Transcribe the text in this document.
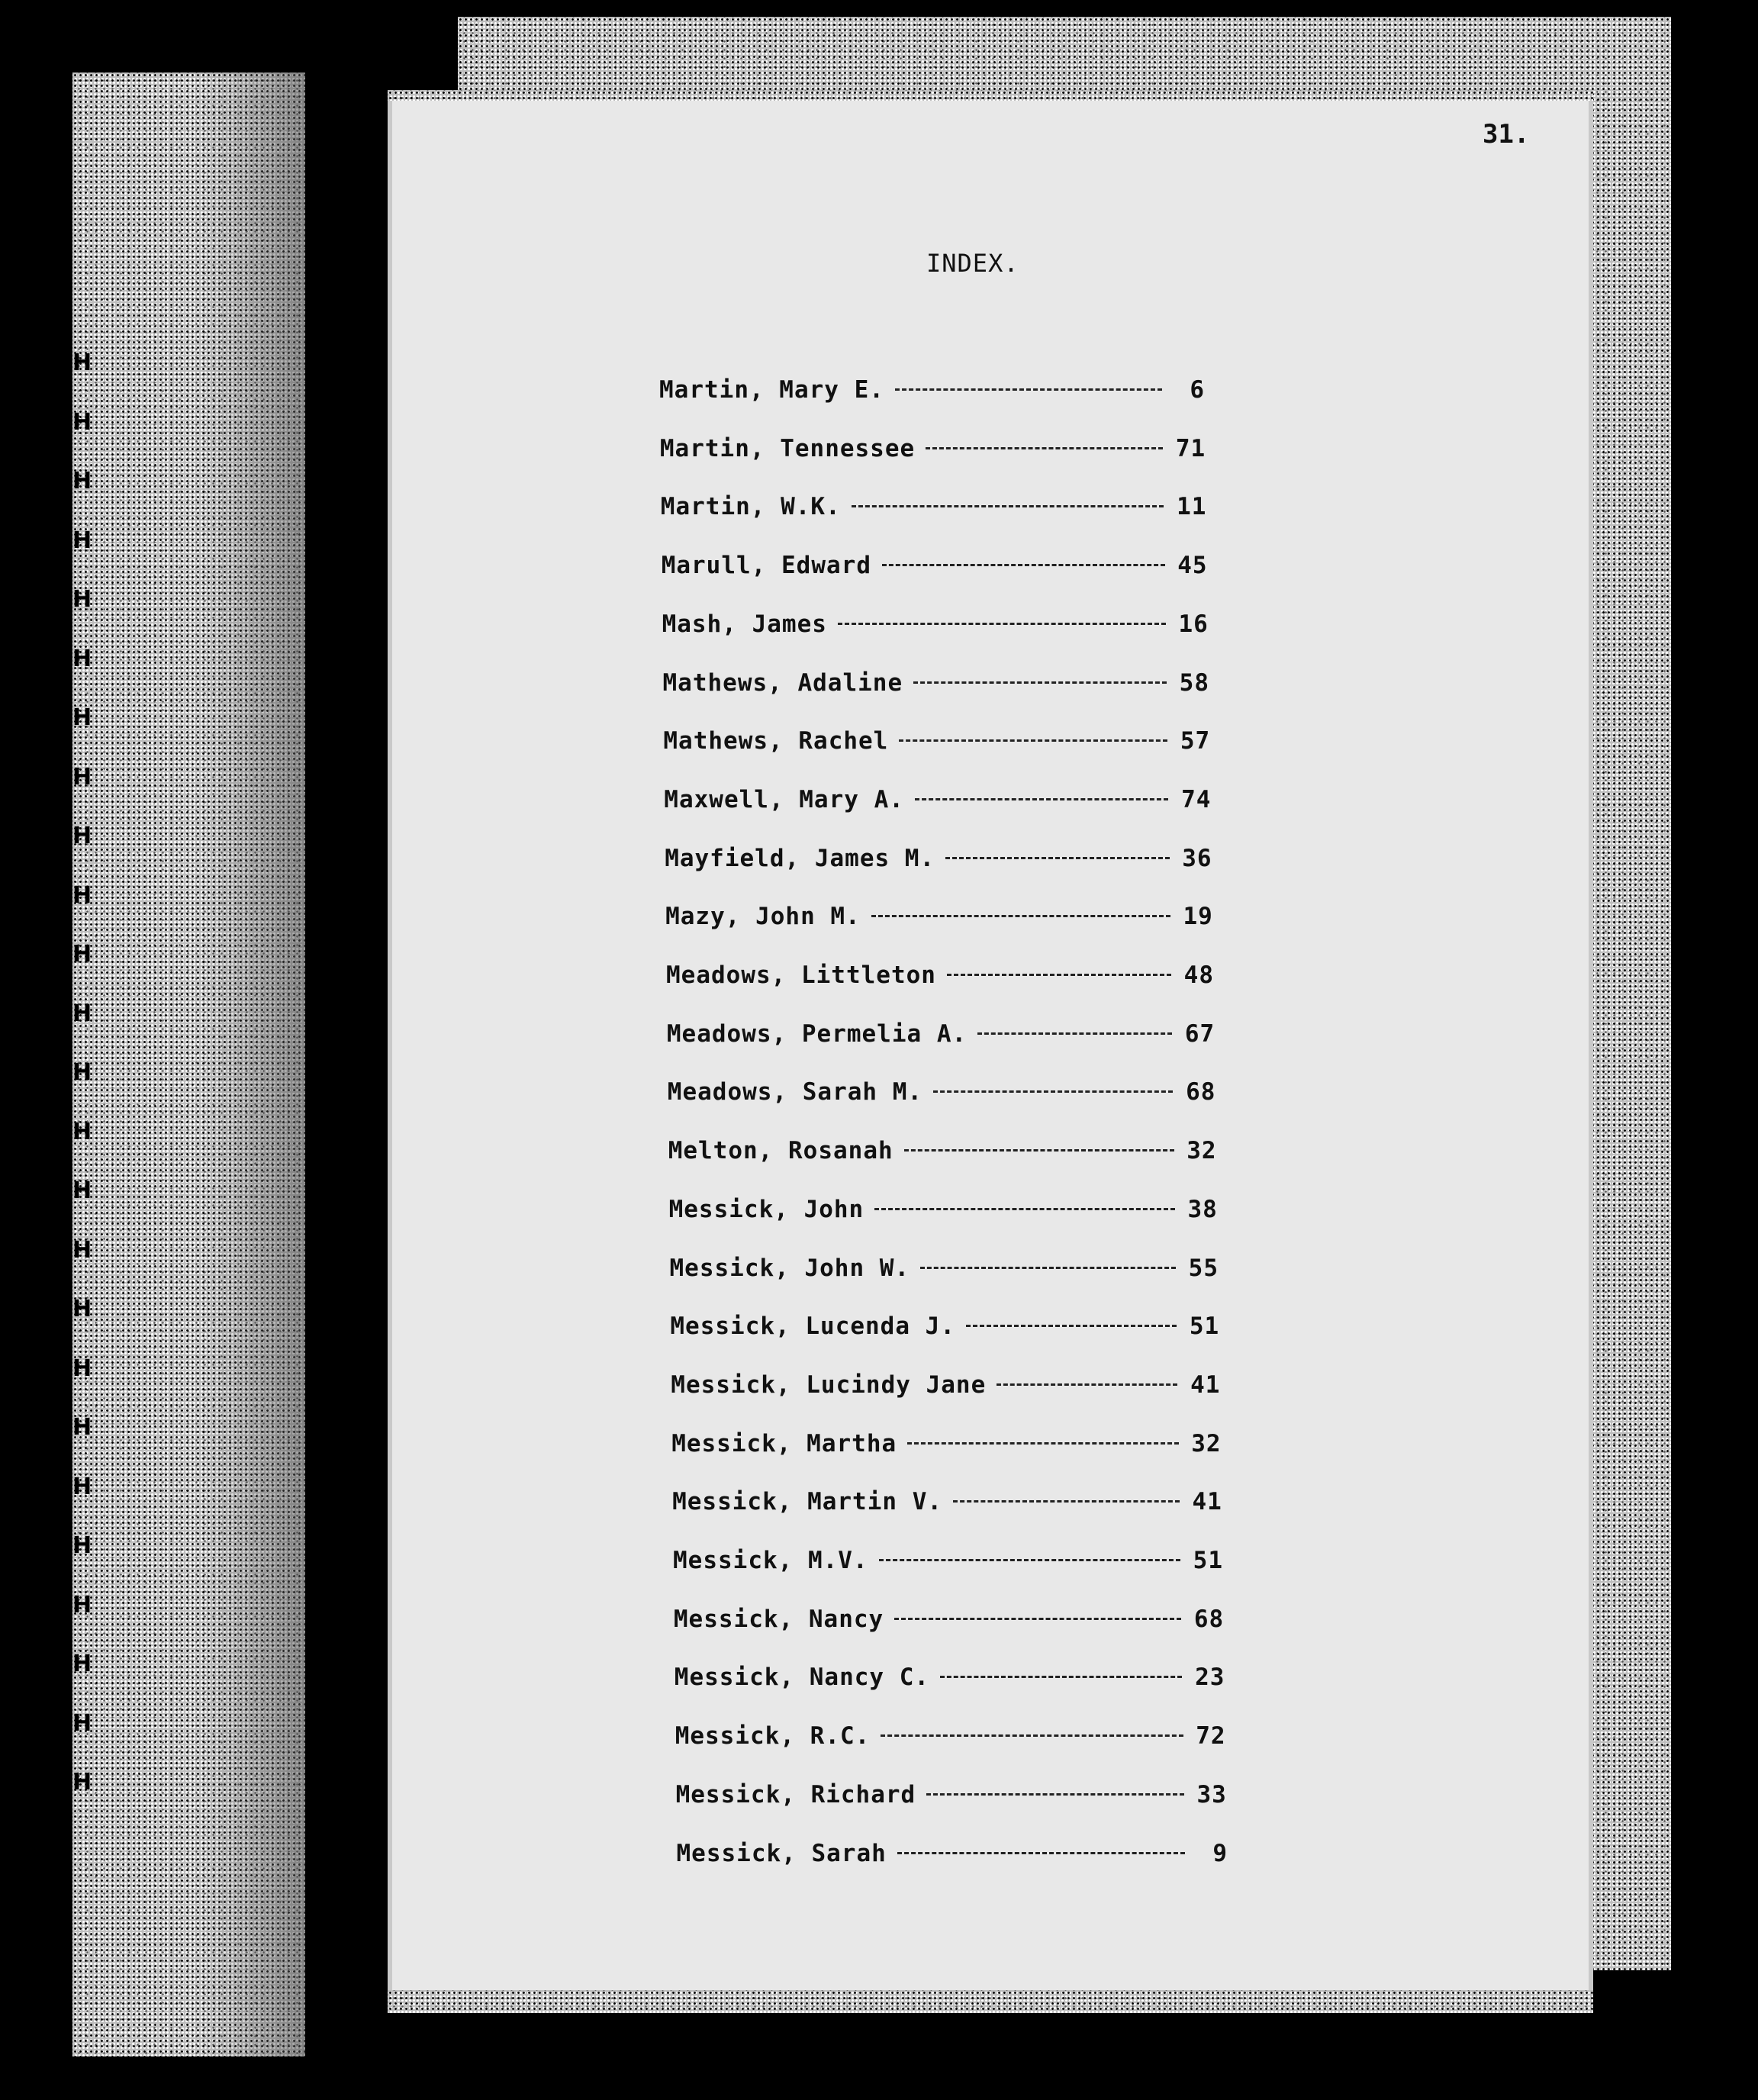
H
H
H
H
H
H
H
H
H
H
H
H
H
H
H
H
H
H
H
H
H
H
H
H
H
31.
INDEX.
Martin, Mary E.	6
Martin, Tennessee	71
Martin, W.K.	11
Marull, Edward	45
Mash, James	16
Mathews, Adaline	58
Mathews, Rachel	57
Maxwell, Mary A.	74
Mayfield, James M.	36
Mazy, John M.	19
Meadows, Littleton	48
Meadows, Permelia A.	67
Meadows, Sarah M.	68
Melton, Rosanah	32
Messick, John	38
Messick, John W.	55
Messick, Lucenda J.	51
Messick, Lucindy Jane	41
Messick, Martha	32
Messick, Martin V.	41
Messick, M.V.	51
Messick, Nancy	68
Messick, Nancy C.	23
Messick, R.C.	72
Messick, Richard	33
Messick, Sarah	9
